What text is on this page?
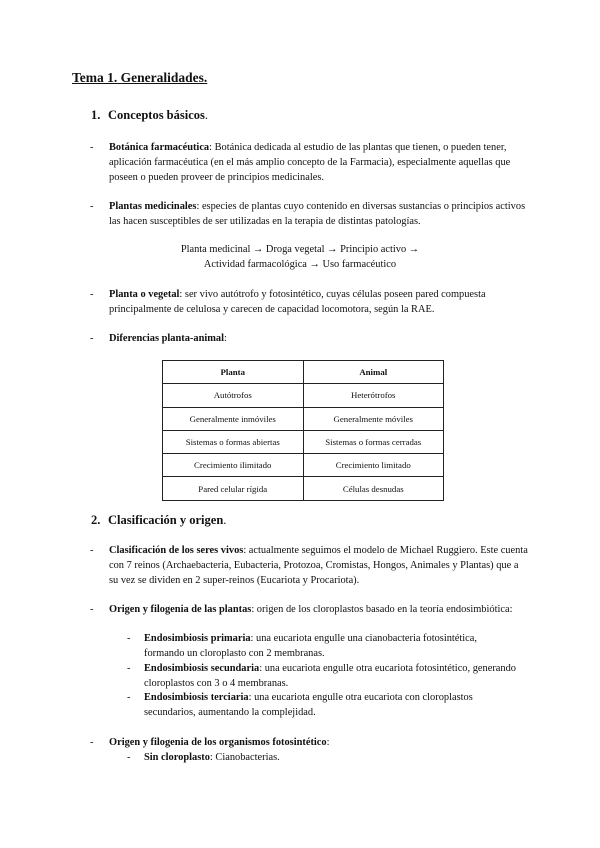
Tema 1. Generalidades.
1. Conceptos básicos.
- Botánica farmacéutica: Botánica dedicada al estudio de las plantas que tienen, o pueden tener, aplicación farmacéutica (en el más amplio concepto de la Farmacia), especialmente aquellas que poseen o pueden proveer de principios medicinales.
- Plantas medicinales: especies de plantas cuyo contenido en diversas sustancias o principios activos las hacen susceptibles de ser utilizadas en la terapia de distintas patologías.
Planta medicinal → Droga vegetal → Principio activo →
Actividad farmacológica → Uso farmacéutico
- Planta o vegetal: ser vivo autótrofo y fotosintético, cuyas células poseen pared compuesta principalmente de celulosa y carecen de capacidad locomotora, según la RAE.
- Diferencias planta-animal:
Planta	Animal
Autótrofos	Heterótrofos
Generalmente inmóviles	Generalmente móviles
Sistemas o formas abiertas	Sistemas o formas cerradas
Crecimiento ilimitado	Crecimiento limitado
Pared celular rígida	Células desnudas
2. Clasificación y origen.
- Clasificación de los seres vivos: actualmente seguimos el modelo de Michael Ruggiero. Este cuenta con 7 reinos (Archaebacteria, Eubacteria, Protozoa, Cromistas, Hongos, Animales y Plantas) que a su vez se dividen en 2 super-reinos (Eucariota y Procariota).
- Origen y filogenia de las plantas: origen de los cloroplastos basado en la teoría endosimbiótica:
- Endosimbiosis primaria: una eucariota engulle una cianobacteria fotosintética, formando un cloroplasto con 2 membranas.
- Endosimbiosis secundaria: una eucariota engulle otra eucariota fotosintético, generando cloroplastos con 3 o 4 membranas.
- Endosimbiosis terciaria: una eucariota engulle otra eucariota con cloroplastos secundarios, aumentando la complejidad.
- Origen y filogenia de los organismos fotosintético:
- Sin cloroplasto: Cianobacterias.
